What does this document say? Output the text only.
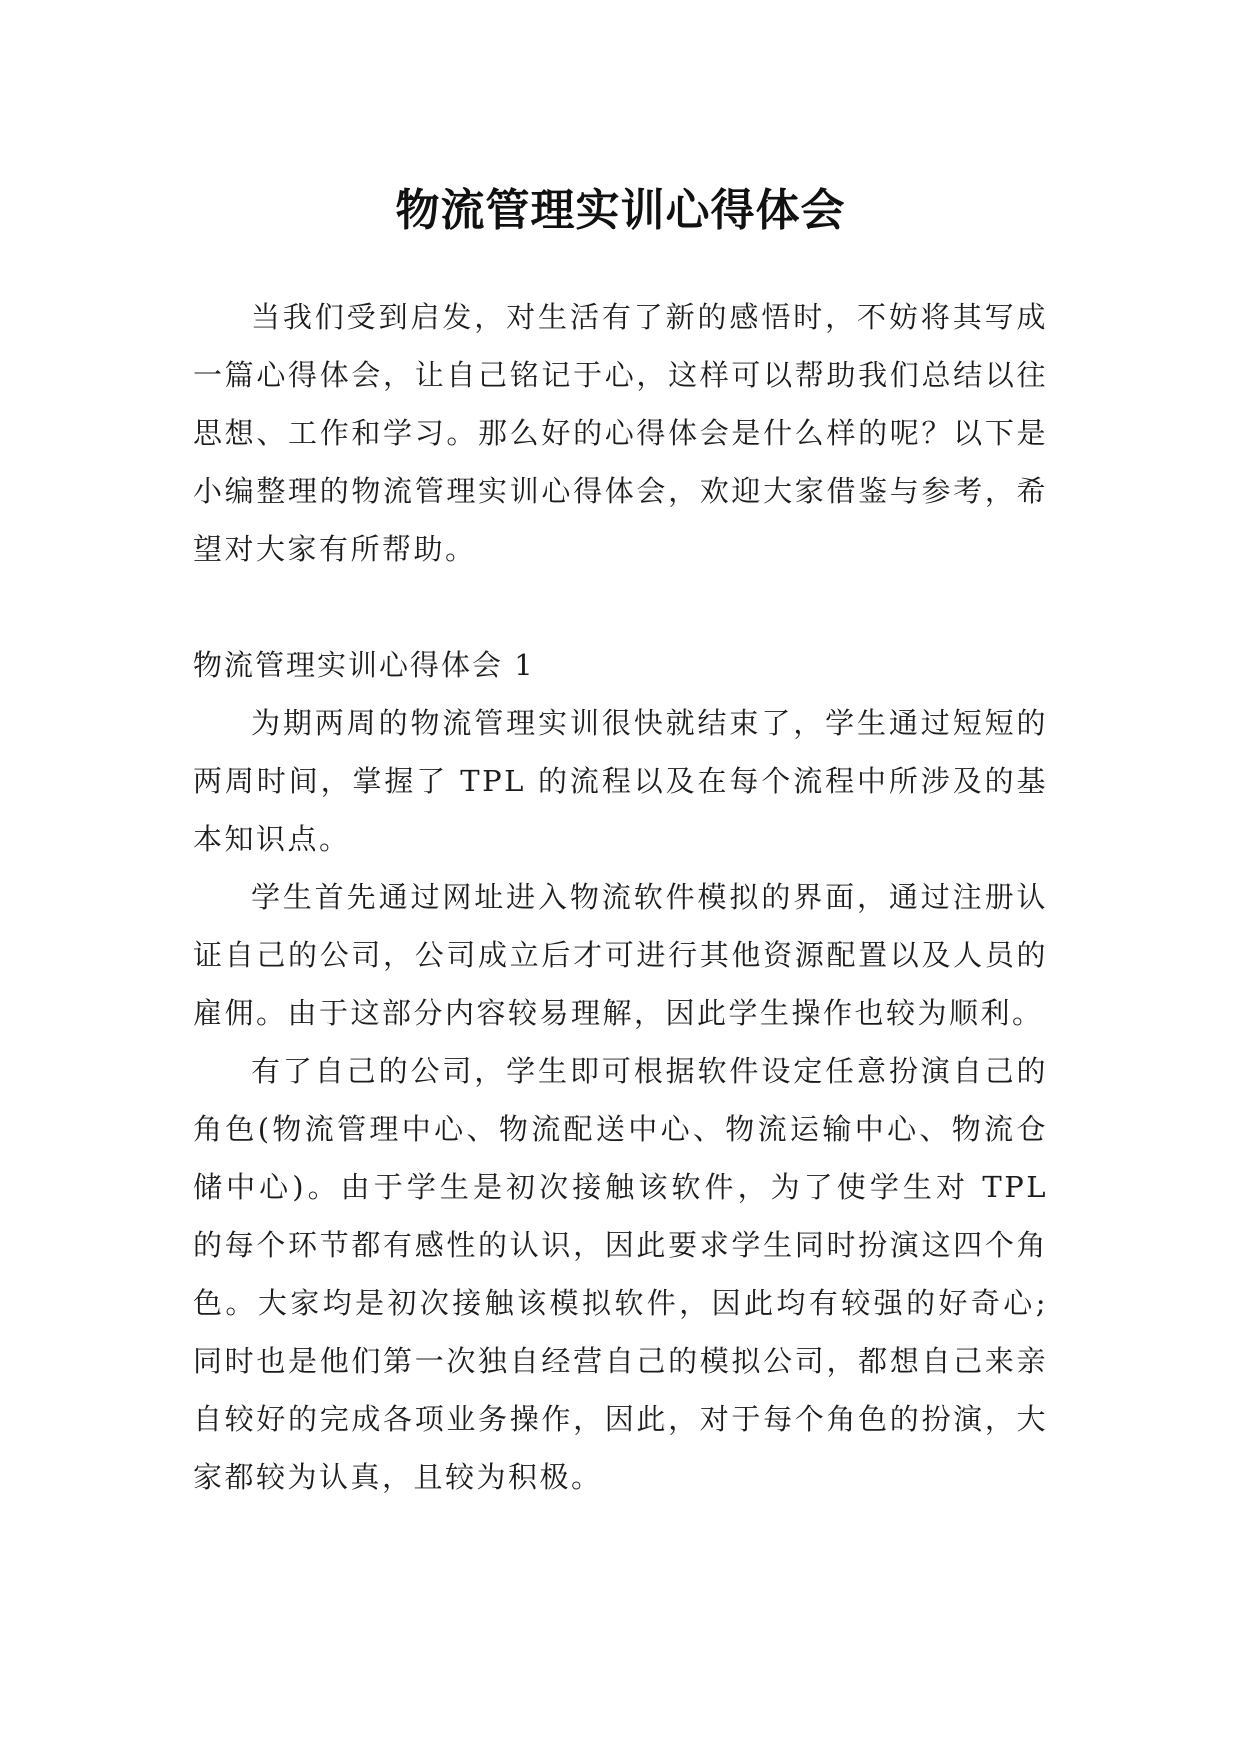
物流管理实训心得体会

当我们受到启发，对生活有了新的感悟时，不妨将其写成一篇心得体会，让自己铭记于心，这样可以帮助我们总结以往思想、工作和学习。那么好的心得体会是什么样的呢？以下是小编整理的物流管理实训心得体会，欢迎大家借鉴与参考，希望对大家有所帮助。

物流管理实训心得体会 1

为期两周的物流管理实训很快就结束了，学生通过短短的两周时间，掌握了 TPL 的流程以及在每个流程中所涉及的基本知识点。

学生首先通过网址进入物流软件模拟的界面，通过注册认证自己的公司，公司成立后才可进行其他资源配置以及人员的雇佣。由于这部分内容较易理解，因此学生操作也较为顺利。

有了自己的公司，学生即可根据软件设定任意扮演自己的角色(物流管理中心、物流配送中心、物流运输中心、物流仓储中心)。由于学生是初次接触该软件，为了使学生对 TPL 的每个环节都有感性的认识，因此要求学生同时扮演这四个角色。大家均是初次接触该模拟软件，因此均有较强的好奇心;同时也是他们第一次独自经营自己的模拟公司，都想自己来亲自较好的完成各项业务操作，因此，对于每个角色的扮演，大家都较为认真，且较为积极。
